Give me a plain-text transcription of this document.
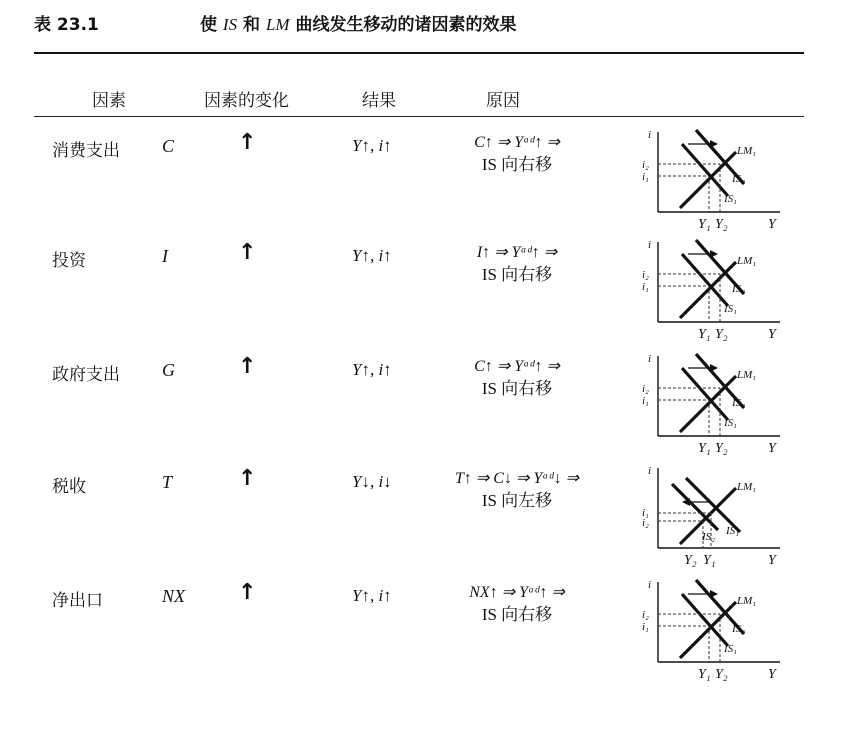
表 23.1	使 IS 和 LM 曲线发生移动的诸因素的效果
因素	因素的变化	结果	原因
消费支出 C	↑	Y↑, i↑	C↑ ⇒ Yᵃᵈ↑ ⇒
IS 向右移
i
i₂
i₁
Y₁ Y₂	Y
LM₁
IS₂
IS₁
投资	I	↑	Y↑, i↑	I↑ ⇒ Yᵃᵈ↑ ⇒
IS 向右移
i
i₂
i₁
Y₁ Y₂	Y
LM₁
IS₂
IS₁
政府支出 G	↑	Y↑, i↑	C↑ ⇒ Yᵃᵈ↑ ⇒
IS 向右移
i
i₂
i₁
Y₁ Y₂	Y
LM₁
IS₂
IS₁
税收	T	↑	Y↓, i↓	T↑ ⇒ C↓ ⇒ Yᵃᵈ↓ ⇒
IS 向左移
i
i₁
i₂
Y₂ Y₁	Y
LM₁
IS₂ IS₁
净出口	NX ↑	Y↑, i↑	NX↑ ⇒ Yᵃᵈ↑ ⇒
IS 向右移
i
i₂
i₁
Y₁ Y₂	Y
LM₁
IS₂
IS₁
